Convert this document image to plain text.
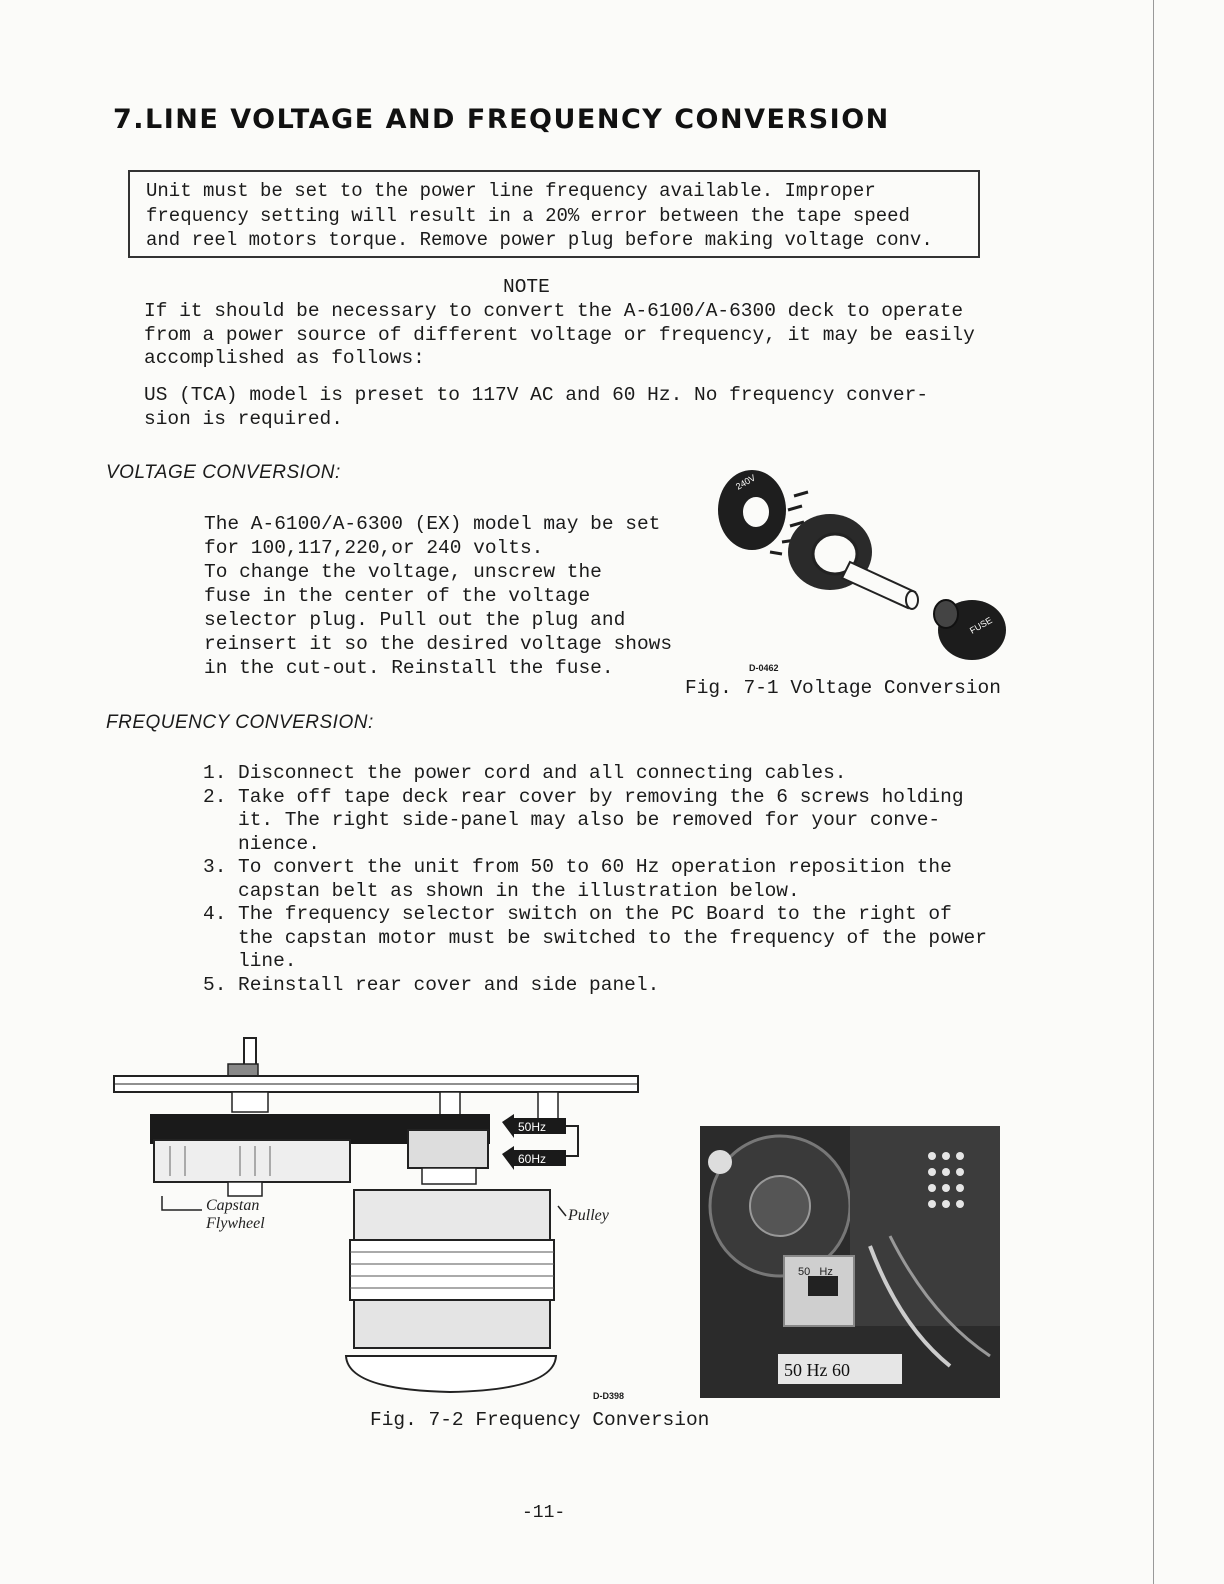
7.LINE VOLTAGE AND FREQUENCY CONVERSION
Unit must be set to the power line frequency available. Improper
frequency setting will result in a 20% error between the tape speed
and reel motors torque. Remove power plug before making voltage conv.
NOTE
If it should be necessary to convert the A-6100/A-6300 deck to operate
from a power source of different voltage or frequency, it may be easily
accomplished as follows:
US (TCA) model is preset to 117V AC and 60 Hz. No frequency conver-
sion is required.
VOLTAGE CONVERSION:
The A-6100/A-6300 (EX) model may be set
for 100,117,220,or 240 volts.
To change the voltage, unscrew the
fuse in the center of the voltage
selector plug. Pull out the plug and
reinsert it so the desired voltage shows
in the cut-out. Reinstall the fuse.
240V
FUSE
D-0462
Fig. 7-1 Voltage Conversion
FREQUENCY CONVERSION:
1. Disconnect the power cord and all connecting cables.
2. Take off tape deck rear cover by removing the 6 screws holding
it. The right side-panel may also be removed for your conve-
nience.
3. To convert the unit from 50 to 60 Hz operation reposition the
capstan belt as shown in the illustration below.
4. The frequency selector switch on the PC Board to the right of
the capstan motor must be switched to the frequency of the power
line.
5. Reinstall rear cover and side panel.
50Hz
60Hz
Capstan
Flywheel	Pulley
D-D398
50   Hz
50 Hz 60
Fig. 7-2 Frequency Conversion
-11-
